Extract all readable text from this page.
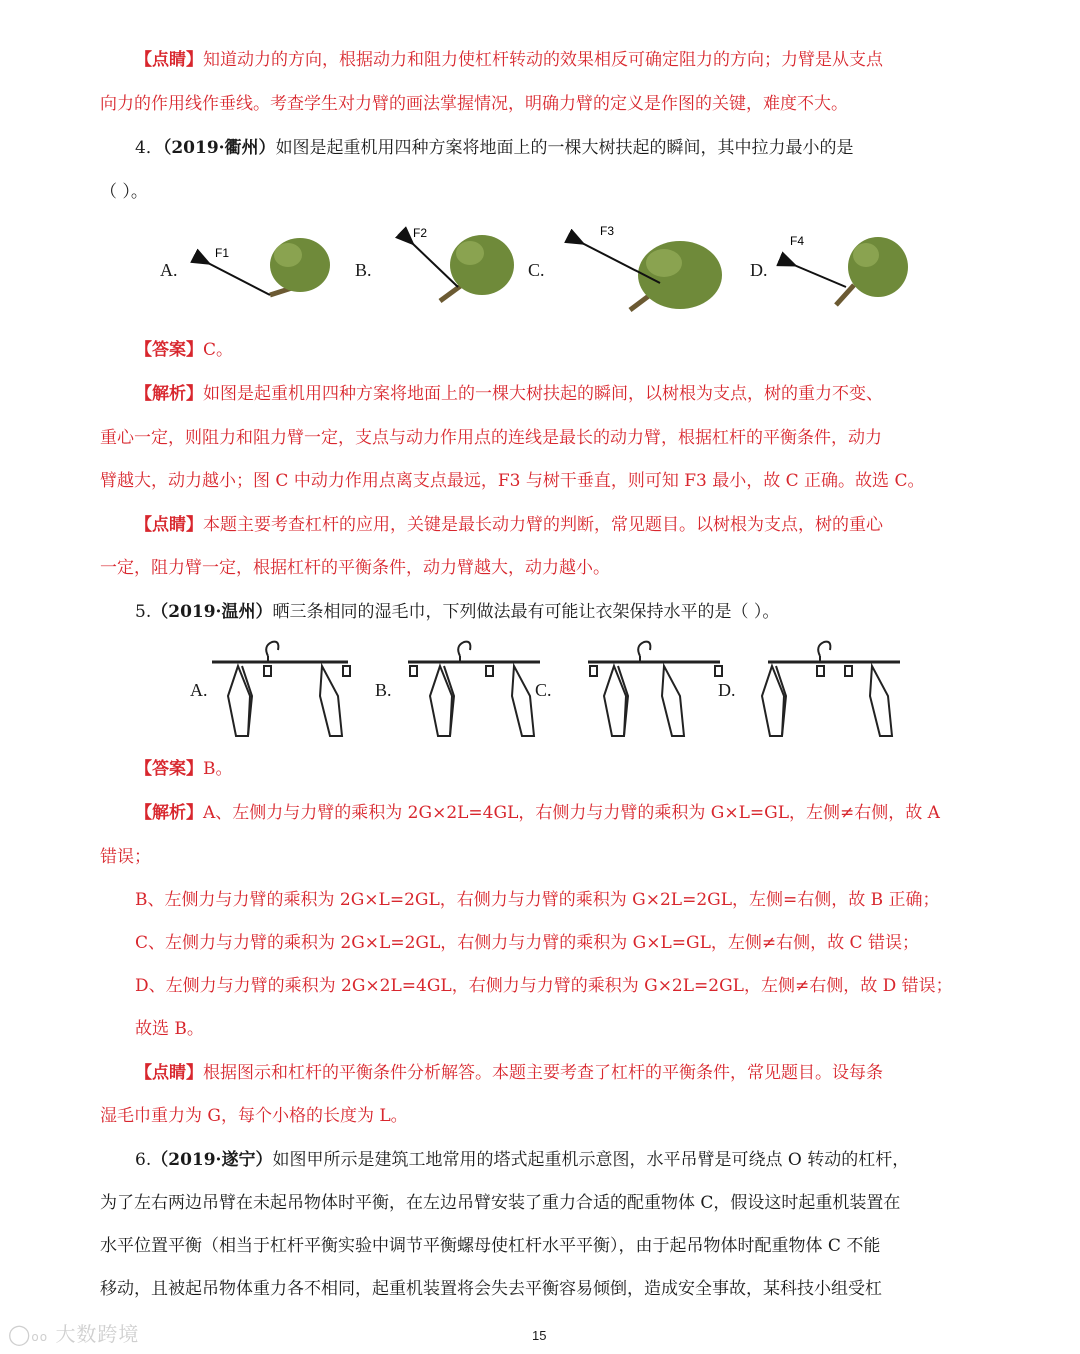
【点睛】知道动力的方向，根据动力和阻力使杠杆转动的效果相反可确定阻力的方向；力臂是从支点
向力的作用线作垂线。考查学生对力臂的画法掌握情况，明确力臂的定义是作图的关键，难度不大。
4．（2019·衢州）如图是起重机用四种方案将地面上的一棵大树扶起的瞬间，其中拉力最小的是
（ ）。
A.	B.	C.	D.
F1
F2	F3
F4
【答案】C。
【解析】如图是起重机用四种方案将地面上的一棵大树扶起的瞬间，以树根为支点，树的重力不变、
重心一定，则阻力和阻力臂一定，支点与动力作用点的连线是最长的动力臂，根据杠杆的平衡条件，动力
臂越大，动力越小；图 C 中动力作用点离支点最远，F3 与树干垂直，则可知 F3 最小，故 C 正确。故选 C。
【点睛】本题主要考查杠杆的应用，关键是最长动力臂的判断，常见题目。以树根为支点，树的重心
一定，阻力臂一定，根据杠杆的平衡条件，动力臂越大，动力越小。
5.（2019·温州）晒三条相同的湿毛巾，下列做法最有可能让衣架保持水平的是（ ）。
A.	B.	C.	D.
【答案】B。
【解析】A、左侧力与力臂的乘积为 2G×2L=4GL，右侧力与力臂的乘积为 G×L=GL，左侧≠右侧，故 A
错误；
B、左侧力与力臂的乘积为 2G×L=2GL，右侧力与力臂的乘积为 G×2L=2GL，左侧=右侧，故 B 正确；
C、左侧力与力臂的乘积为 2G×L=2GL，右侧力与力臂的乘积为 G×L=GL，左侧≠右侧，故 C 错误；
D、左侧力与力臂的乘积为 2G×2L=4GL，右侧力与力臂的乘积为 G×2L=2GL，左侧≠右侧，故 D 错误；
故选 B。
【点睛】根据图示和杠杆的平衡条件分析解答。本题主要考查了杠杆的平衡条件，常见题目。设每条
湿毛巾重力为 G，每个小格的长度为 L。
6.（2019·遂宁）如图甲所示是建筑工地常用的塔式起重机示意图，水平吊臂是可绕点 O 转动的杠杆，
为了左右两边吊臂在未起吊物体时平衡，在左边吊臂安装了重力合适的配重物体 C，假设这时起重机装置在
水平位置平衡（相当于杠杆平衡实验中调节平衡螺母使杠杆水平平衡），由于起吊物体时配重物体 C 不能
移动，且被起吊物体重力各不相同，起重机装置将会失去平衡容易倾倒，造成安全事故，某科技小组受杠
◯oo 大数跨境	15
